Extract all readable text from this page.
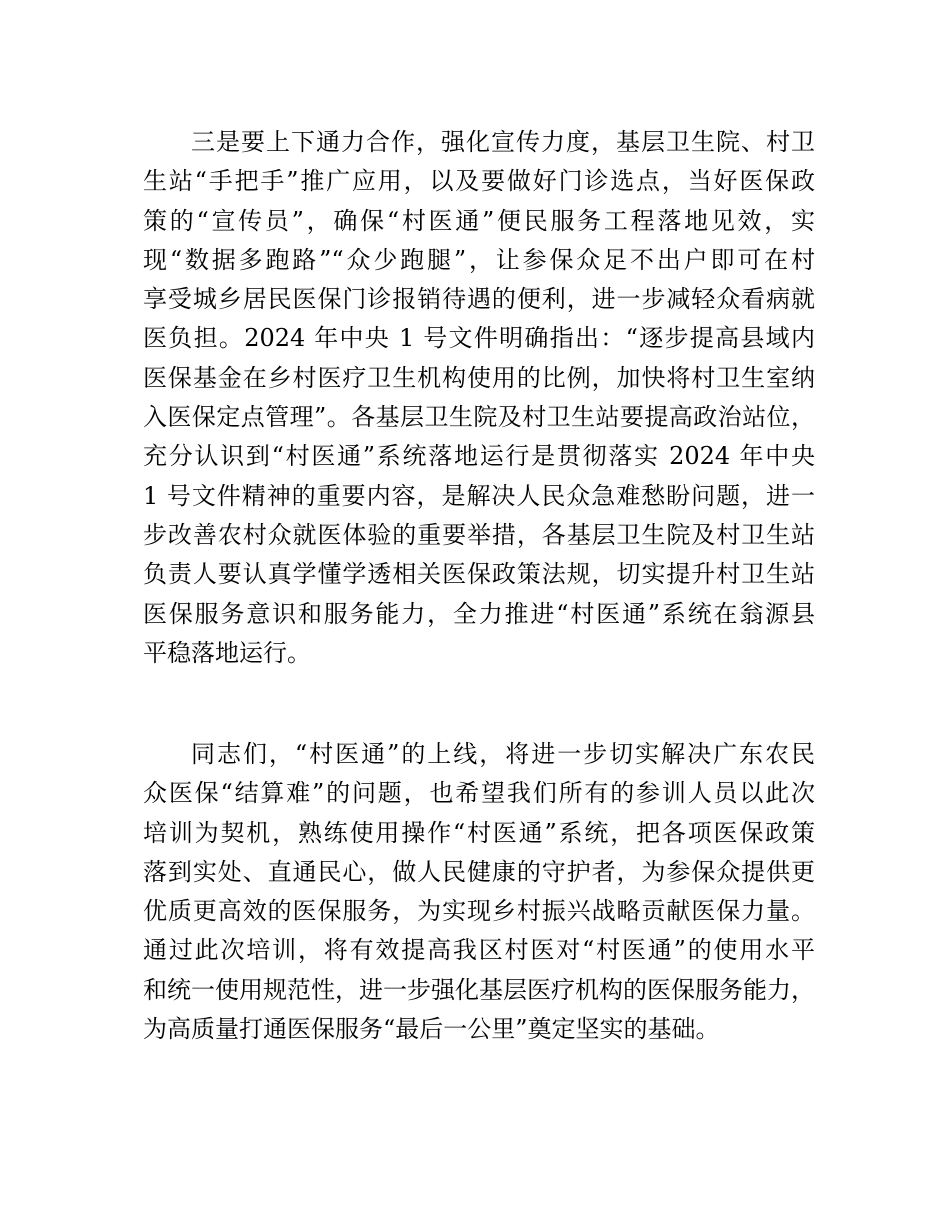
三是要上下通力合作，强化宣传力度，基层卫生院、村卫
生站“手把手”推广应用，以及要做好门诊选点，当好医保政
策的“宣传员”，确保“村医通”便民服务工程落地见效，实
现“数据多跑路”“众少跑腿”，让参保众足不出户即可在村
享受城乡居民医保门诊报销待遇的便利，进一步减轻众看病就
医负担。2024 年中央 1 号文件明确指出：“逐步提高县域内
医保基金在乡村医疗卫生机构使用的比例，加快将村卫生室纳
入医保定点管理”。各基层卫生院及村卫生站要提高政治站位，
充分认识到“村医通”系统落地运行是贯彻落实 2024 年中央
1 号文件精神的重要内容，是解决人民众急难愁盼问题，进一
步改善农村众就医体验的重要举措，各基层卫生院及村卫生站
负责人要认真学懂学透相关医保政策法规，切实提升村卫生站
医保服务意识和服务能力，全力推进“村医通”系统在翁源县
平稳落地运行。
同志们，“村医通”的上线，将进一步切实解决广东农民
众医保“结算难”的问题，也希望我们所有的参训人员以此次
培训为契机，熟练使用操作“村医通”系统，把各项医保政策
落到实处、直通民心，做人民健康的守护者，为参保众提供更
优质更高效的医保服务，为实现乡村振兴战略贡献医保力量。
通过此次培训，将有效提高我区村医对“村医通”的使用水平
和统一使用规范性，进一步强化基层医疗机构的医保服务能力，
为高质量打通医保服务“最后一公里”奠定坚实的基础。
